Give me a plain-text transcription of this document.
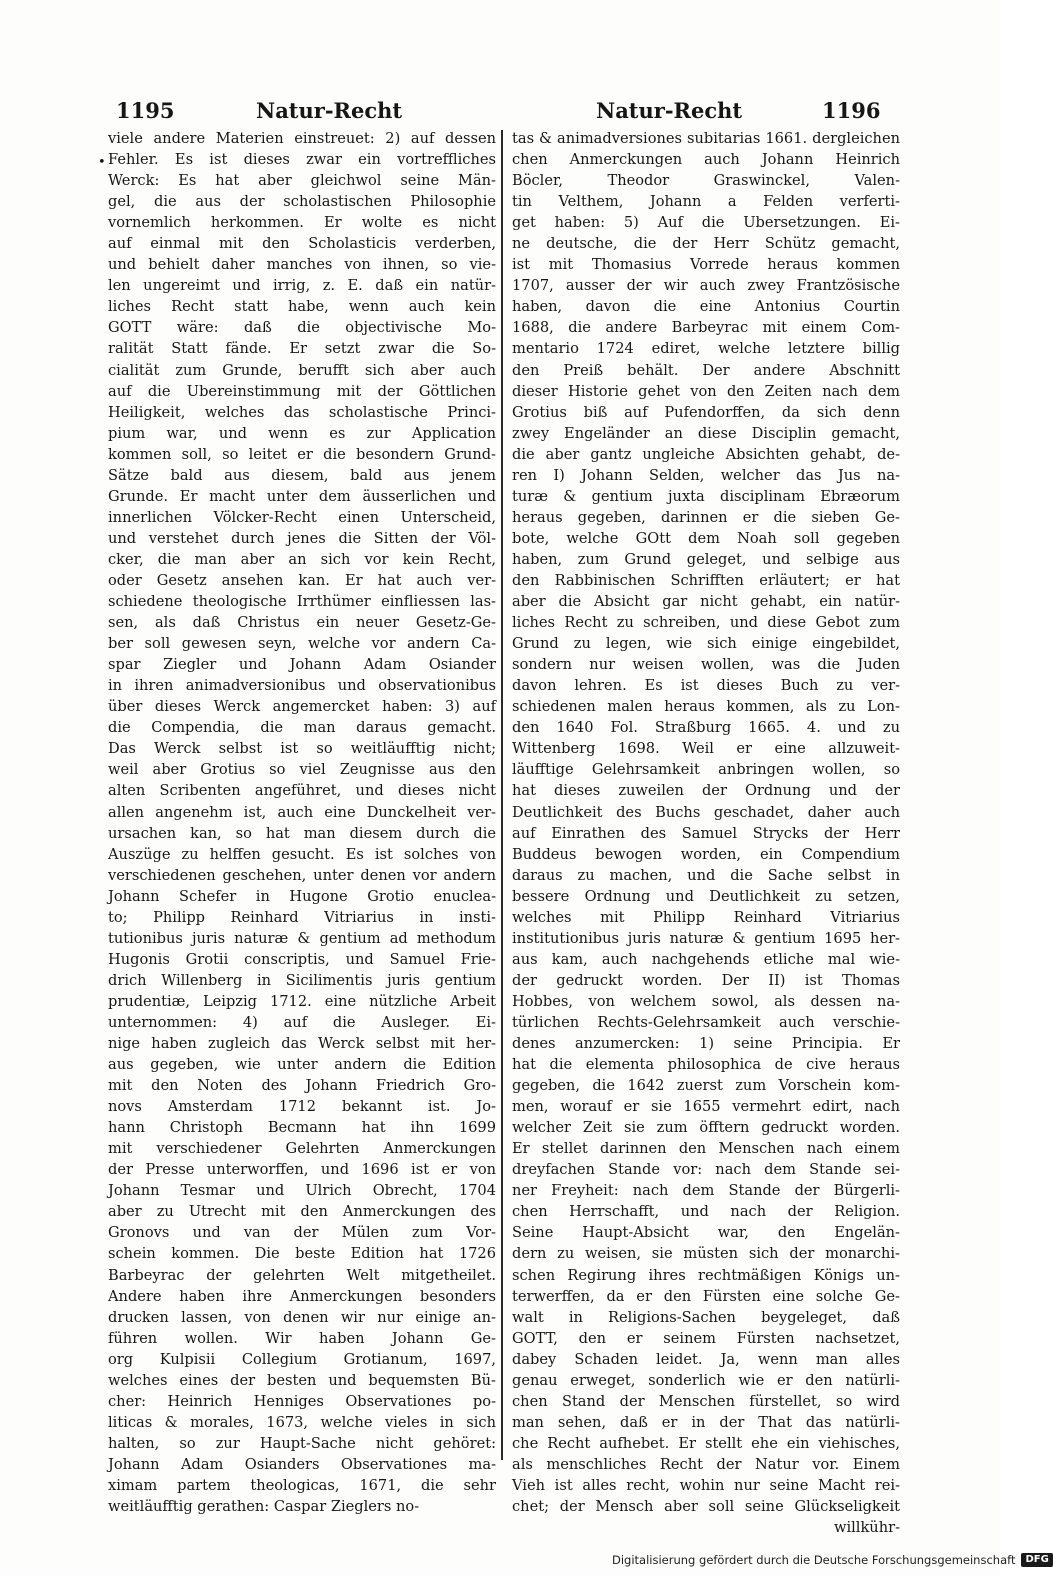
1195	Natur-Recht	Natur-Recht	1196
•
viele andere Materien einstreuet: 2) auf dessen
Fehler. Es ist dieses zwar ein vortreffliches
Werck: Es hat aber gleichwol seine Män-
gel, die aus der scholastischen Philosophie
vornemlich herkommen. Er wolte es nicht
auf einmal mit den Scholasticis verderben,
und behielt daher manches von ihnen, so vie-
len ungereimt und irrig, z. E. daß ein natür-
liches Recht statt habe, wenn auch kein
GOTT wäre: daß die objectivische Mo-
ralität Statt fände. Er setzt zwar die So-
cialität zum Grunde, berufft sich aber auch
auf die Ubereinstimmung mit der Göttlichen
Heiligkeit, welches das scholastische Princi-
pium war, und wenn es zur Application
kommen soll, so leitet er die besondern Grund-
Sätze bald aus diesem, bald aus jenem
Grunde. Er macht unter dem äusserlichen und
innerlichen Völcker-Recht einen Unterscheid,
und verstehet durch jenes die Sitten der Völ-
cker, die man aber an sich vor kein Recht,
oder Gesetz ansehen kan. Er hat auch ver-
schiedene theologische Irrthümer einfliessen las-
sen, als daß Christus ein neuer Gesetz-Ge-
ber soll gewesen seyn, welche vor andern Ca-
spar Ziegler und Johann Adam Osiander
in ihren animadversionibus und observationibus
über dieses Werck angemercket haben: 3) auf
die Compendia, die man daraus gemacht.
Das Werck selbst ist so weitläufftig nicht;
weil aber Grotius so viel Zeugnisse aus den
alten Scribenten angeführet, und dieses nicht
allen angenehm ist, auch eine Dunckelheit ver-
ursachen kan, so hat man diesem durch die
Auszüge zu helffen gesucht. Es ist solches von
verschiedenen geschehen, unter denen vor andern
Johann Schefer in Hugone Grotio enuclea-
to; Philipp Reinhard Vitriarius in insti-
tutionibus juris naturæ & gentium ad methodum
Hugonis Grotii conscriptis, und Samuel Frie-
drich Willenberg in Sicilimentis juris gentium
prudentiæ, Leipzig 1712. eine nützliche Arbeit
unternommen: 4) auf die Ausleger. Ei-
nige haben zugleich das Werck selbst mit her-
aus gegeben, wie unter andern die Edition
mit den Noten des Johann Friedrich Gro-
novs Amsterdam 1712 bekannt ist. Jo-
hann Christoph Becmann hat ihn 1699
mit verschiedener Gelehrten Anmerckungen
der Presse unterworffen, und 1696 ist er von
Johann Tesmar und Ulrich Obrecht, 1704
aber zu Utrecht mit den Anmerckungen des
Gronovs und van der Mülen zum Vor-
schein kommen. Die beste Edition hat 1726
Barbeyrac der gelehrten Welt mitgetheilet.
Andere haben ihre Anmerckungen besonders
drucken lassen, von denen wir nur einige an-
führen wollen. Wir haben Johann Ge-
org Kulpisii Collegium Grotianum, 1697,
welches eines der besten und bequemsten Bü-
cher: Heinrich Henniges Observationes po-
liticas & morales, 1673, welche vieles in sich
halten, so zur Haupt-Sache nicht gehöret:
Johann Adam Osianders Observationes ma-
ximam partem theologicas, 1671, die sehr
weitläufftig gerathen: Caspar Zieglers no-
tas & animadversiones subitarias 1661. dergleichen
chen Anmerckungen auch Johann Heinrich
Böcler, Theodor Graswinckel, Valen-
tin Velthem, Johann a Felden verferti-
get haben: 5) Auf die Ubersetzungen. Ei-
ne deutsche, die der Herr Schütz gemacht,
ist mit Thomasius Vorrede heraus kommen
1707, ausser der wir auch zwey Frantzösische
haben, davon die eine Antonius Courtin
1688, die andere Barbeyrac mit einem Com-
mentario 1724 ediret, welche letztere billig
den Preiß behält. Der andere Abschnitt
dieser Historie gehet von den Zeiten nach dem
Grotius biß auf Pufendorffen, da sich denn
zwey Engeländer an diese Disciplin gemacht,
die aber gantz ungleiche Absichten gehabt, de-
ren I) Johann Selden, welcher das Jus na-
turæ & gentium juxta disciplinam Ebræorum
heraus gegeben, darinnen er die sieben Ge-
bote, welche GOtt dem Noah soll gegeben
haben, zum Grund geleget, und selbige aus
den Rabbinischen Schrifften erläutert; er hat
aber die Absicht gar nicht gehabt, ein natür-
liches Recht zu schreiben, und diese Gebot zum
Grund zu legen, wie sich einige eingebildet,
sondern nur weisen wollen, was die Juden
davon lehren. Es ist dieses Buch zu ver-
schiedenen malen heraus kommen, als zu Lon-
den 1640 Fol. Straßburg 1665. 4. und zu
Wittenberg 1698. Weil er eine allzuweit-
läufftige Gelehrsamkeit anbringen wollen, so
hat dieses zuweilen der Ordnung und der
Deutlichkeit des Buchs geschadet, daher auch
auf Einrathen des Samuel Strycks der Herr
Buddeus bewogen worden, ein Compendium
daraus zu machen, und die Sache selbst in
bessere Ordnung und Deutlichkeit zu setzen,
welches mit Philipp Reinhard Vitriarius
institutionibus juris naturæ & gentium 1695 her-
aus kam, auch nachgehends etliche mal wie-
der gedruckt worden. Der II) ist Thomas
Hobbes, von welchem sowol, als dessen na-
türlichen Rechts-Gelehrsamkeit auch verschie-
denes anzumercken: 1) seine Principia. Er
hat die elementa philosophica de cive heraus
gegeben, die 1642 zuerst zum Vorschein kom-
men, worauf er sie 1655 vermehrt edirt, nach
welcher Zeit sie zum öfftern gedruckt worden.
Er stellet darinnen den Menschen nach einem
dreyfachen Stande vor: nach dem Stande sei-
ner Freyheit: nach dem Stande der Bürgerli-
chen Herrschafft, und nach der Religion.
Seine Haupt-Absicht war, den Engelän-
dern zu weisen, sie müsten sich der monarchi-
schen Regirung ihres rechtmäßigen Königs un-
terwerffen, da er den Fürsten eine solche Ge-
walt in Religions-Sachen beygeleget, daß
GOTT, den er seinem Fürsten nachsetzet,
dabey Schaden leidet. Ja, wenn man alles
genau erweget, sonderlich wie er den natürli-
chen Stand der Menschen fürstellet, so wird
man sehen, daß er in der That das natürli-
che Recht aufhebet. Er stellt ehe ein viehisches,
als menschliches Recht der Natur vor. Einem
Vieh ist alles recht, wohin nur seine Macht rei-
chet; der Mensch aber soll seine Glückseligkeit
willkühr-
Digitalisierung gefördert durch die Deutsche Forschungsgemeinschaft	DFG
